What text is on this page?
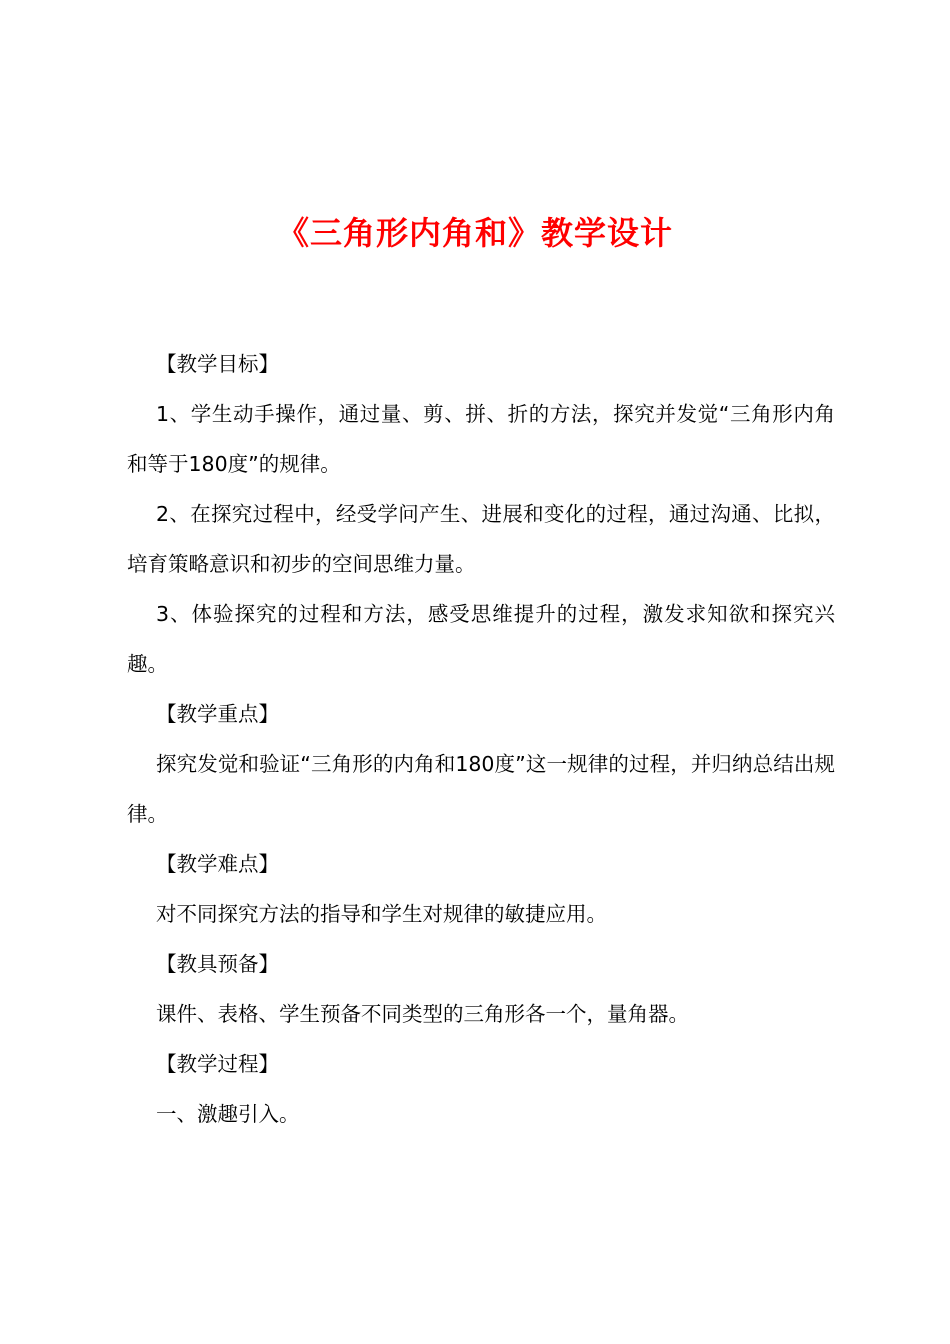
《三角形内角和》教学设计

【教学目标】

1、学生动手操作，通过量、剪、拼、折的方法，探究并发觉“三角形内角和等于180度”的规律。

2、在探究过程中，经受学问产生、进展和变化的过程，通过沟通、比拟，培育策略意识和初步的空间思维力量。

3、体验探究的过程和方法，感受思维提升的过程，激发求知欲和探究兴趣。

【教学重点】

探究发觉和验证“三角形的内角和180度”这一规律的过程，并归纳总结出规律。

【教学难点】

对不同探究方法的指导和学生对规律的敏捷应用。

【教具预备】

课件、表格、学生预备不同类型的三角形各一个，量角器。

【教学过程】

一、激趣引入。
